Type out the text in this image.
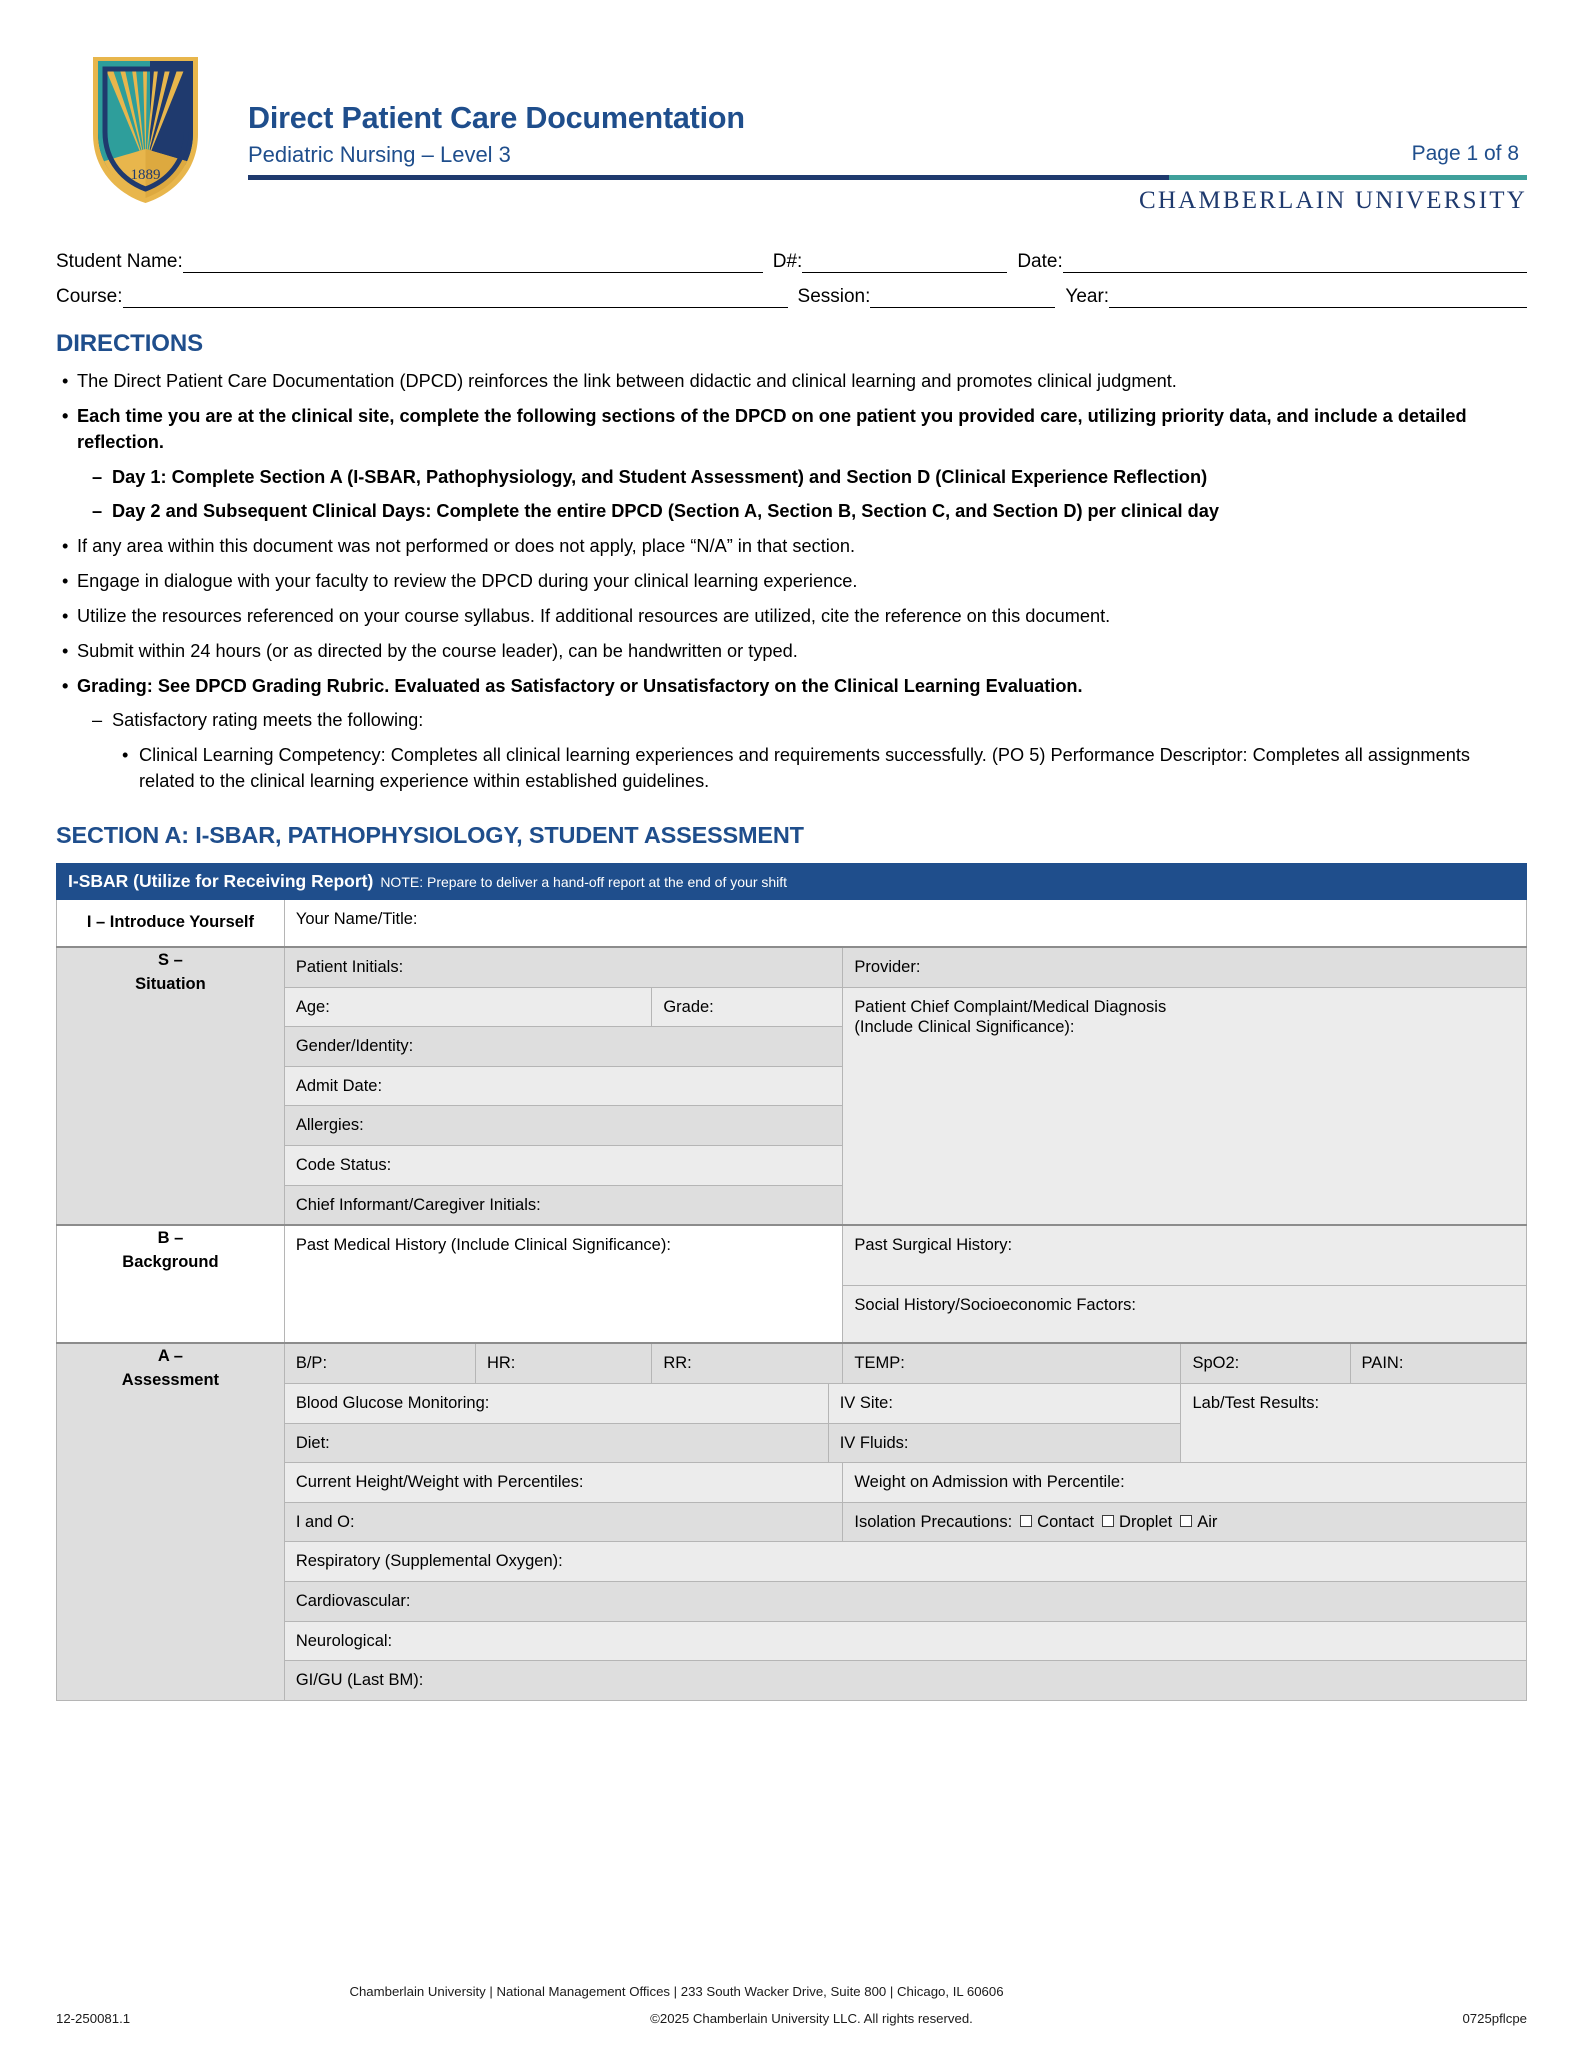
1889
Direct Patient Care Documentation
Pediatric Nursing – Level 3	Page 1 of 8
CHAMBERLAIN UNIVERSITY
Student Name:	D#:	Date:
Course:	Session:	Year:
DIRECTIONS
• The Direct Patient Care Documentation (DPCD) reinforces the link between didactic and clinical learning and promotes clinical judgment.
• Each time you are at the clinical site, complete the following sections of the DPCD on one patient you provided care, utilizing priority data, and include a detailed reflection.
– Day 1: Complete Section A (I-SBAR, Pathophysiology, and Student Assessment) and Section D (Clinical Experience Reflection)
– Day 2 and Subsequent Clinical Days: Complete the entire DPCD (Section A, Section B, Section C, and Section D) per clinical day
• If any area within this document was not performed or does not apply, place “N/A” in that section.
• Engage in dialogue with your faculty to review the DPCD during your clinical learning experience.
• Utilize the resources referenced on your course syllabus. If additional resources are utilized, cite the reference on this document.
• Submit within 24 hours (or as directed by the course leader), can be handwritten or typed.
• Grading: See DPCD Grading Rubric. Evaluated as Satisfactory or Unsatisfactory on the Clinical Learning Evaluation.
– Satisfactory rating meets the following:
• Clinical Learning Competency: Completes all clinical learning experiences and requirements successfully. (PO 5) Performance Descriptor: Completes all assignments related to the clinical learning experience within established guidelines.
SECTION A: I-SBAR, PATHOPHYSIOLOGY, STUDENT ASSESSMENT
I-SBAR (Utilize for Receiving Report) NOTE: Prepare to deliver a hand-off report at the end of your shift							
I – Introduce Yourself	Your Name/Title:						
S –
Situation	Patient Initials:				Provider:		
	Age:		Grade:		Patient Chief Complaint/Medical Diagnosis
(Include Clinical Significance):		
	Gender/Identity:						
	Admit Date:						
	Allergies:						
	Code Status:						
	Chief Informant/Caregiver Initials:						
B –
Background	Past Medical History (Include Clinical Significance):				Past Surgical History:		
					Social History/Socioeconomic Factors:		
A –
Assessment	B/P:	HR:	RR:		TEMP:	SpO2:	PAIN:
	Blood Glucose Monitoring:			IV Site:		Lab/Test Results:	
	Diet:			IV Fluids:			
	Current Height/Weight with Percentiles:				Weight on Admission with Percentile:		
	I and O:				Isolation Precautions: Contact Droplet Air		
	Respiratory (Supplemental Oxygen):						
	Cardiovascular:						
	Neurological:						
	GI/GU (Last BM):						
Chamberlain University | National Management Offices | 233 South Wacker Drive, Suite 800 | Chicago, IL 60606
12-250081.1	©2025 Chamberlain University LLC. All rights reserved.	0725pflcpe
